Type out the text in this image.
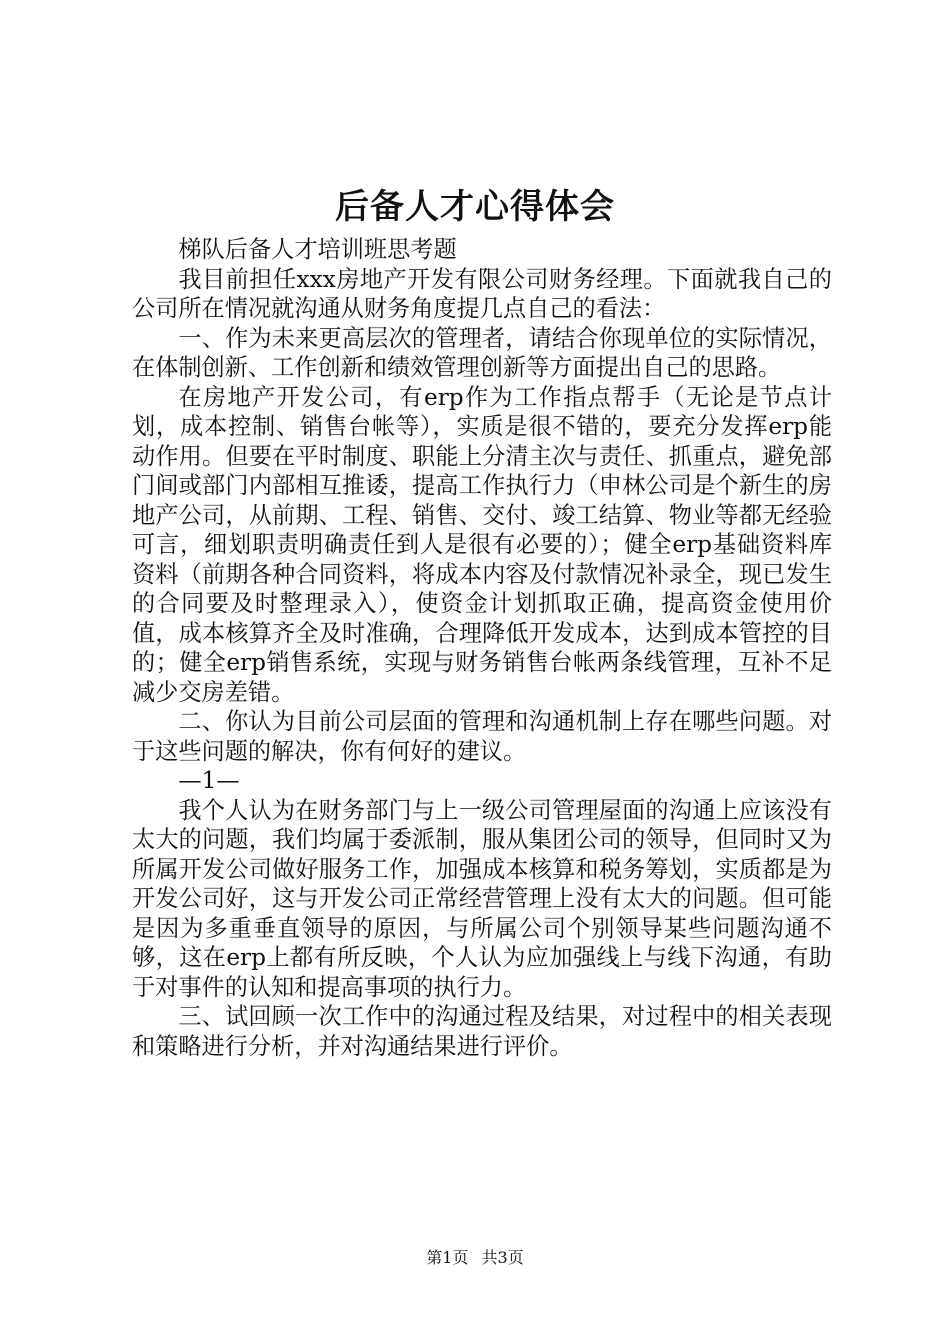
后备人才心得体会

梯队后备人才培训班思考题

我目前担任xxx房地产开发有限公司财务经理。下面就我自己的公司所在情况就沟通从财务角度提几点自己的看法：

一、作为未来更高层次的管理者，请结合你现单位的实际情况，在体制创新、工作创新和绩效管理创新等方面提出自己的思路。

在房地产开发公司，有erp作为工作指点帮手（无论是节点计划，成本控制、销售台帐等），实质是很不错的，要充分发挥erp能动作用。但要在平时制度、职能上分清主次与责任、抓重点，避免部门间或部门内部相互推诿，提高工作执行力（申林公司是个新生的房地产公司，从前期、工程、销售、交付、竣工结算、物业等都无经验可言，细划职责明确责任到人是很有必要的）；健全erp基础资料库资料（前期各种合同资料，将成本内容及付款情况补录全，现已发生的合同要及时整理录入），使资金计划抓取正确，提高资金使用价值，成本核算齐全及时准确，合理降低开发成本，达到成本管控的目的；健全erp销售系统，实现与财务销售台帐两条线管理，互补不足减少交房差错。

二、你认为目前公司层面的管理和沟通机制上存在哪些问题。对于这些问题的解决，你有何好的建议。

—1—

我个人认为在财务部门与上一级公司管理屋面的沟通上应该没有太大的问题，我们均属于委派制，服从集团公司的领导，但同时又为所属开发公司做好服务工作，加强成本核算和税务筹划，实质都是为开发公司好，这与开发公司正常经营管理上没有太大的问题。但可能是因为多重垂直领导的原因，与所属公司个别领导某些问题沟通不够，这在erp上都有所反映，个人认为应加强线上与线下沟通，有助于对事件的认知和提高事项的执行力。

三、试回顾一次工作中的沟通过程及结果，对过程中的相关表现和策略进行分析，并对沟通结果进行评价。

第1页 共3页
